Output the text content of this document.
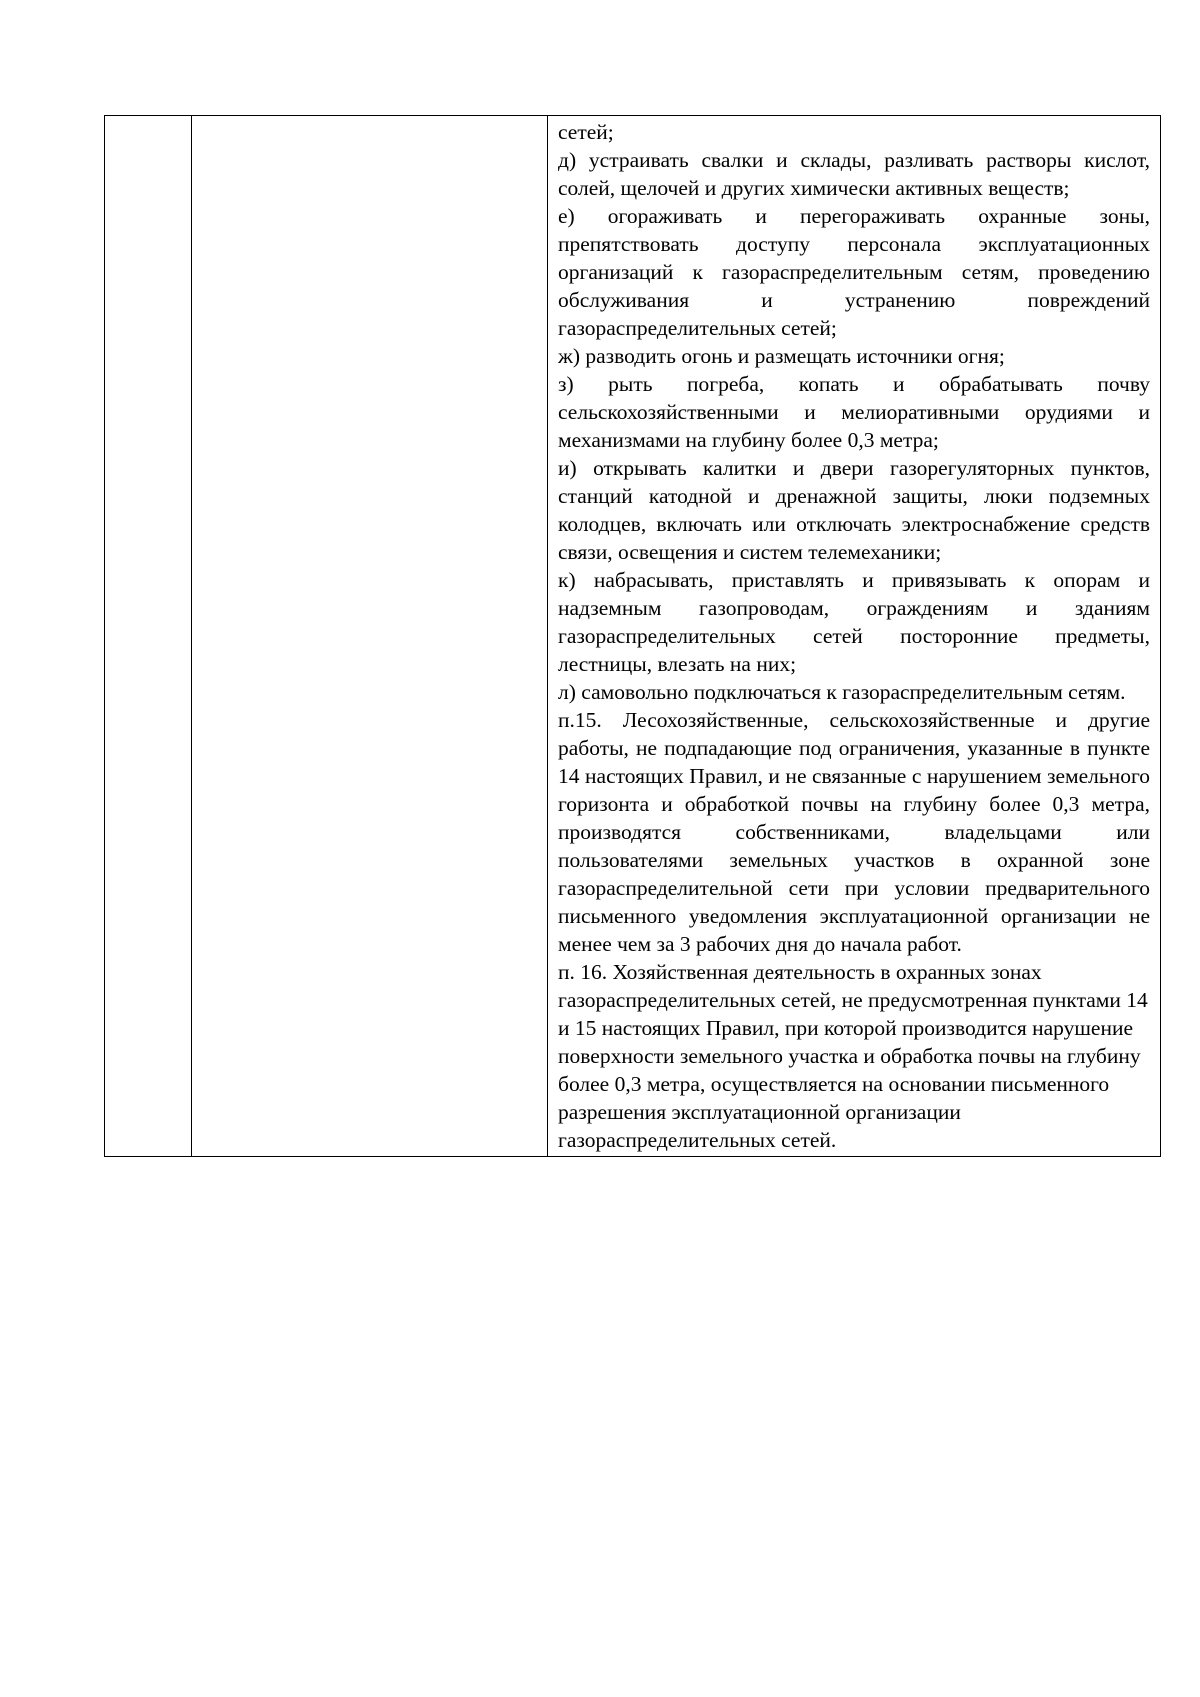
сетей;

д) устраивать свалки и склады, разливать растворы кислот, солей, щелочей и других химически активных веществ;

е) огораживать и перегораживать охранные зоны, препятствовать доступу персонала эксплуатационных организаций к газораспределительным сетям, проведению обслуживания и устранению повреждений газораспределительных сетей;

ж) разводить огонь и размещать источники огня;

з) рыть погреба, копать и обрабатывать почву сельскохозяйственными и мелиоративными орудиями и механизмами на глубину более 0,3 метра;

и) открывать калитки и двери газорегуляторных пунктов, станций катодной и дренажной защиты, люки подземных колодцев, включать или отключать электроснабжение средств связи, освещения и систем телемеханики;

к) набрасывать, приставлять и привязывать к опорам и надземным газопроводам, ограждениям и зданиям газораспределительных сетей посторонние предметы, лестницы, влезать на них;

л) самовольно подключаться к газораспределительным сетям.

п.15. Лесохозяйственные, сельскохозяйственные и другие работы, не подпадающие под ограничения, указанные в пункте 14 настоящих Правил, и не связанные с нарушением земельного горизонта и обработкой почвы на глубину более 0,3 метра, производятся собственниками, владельцами или пользователями земельных участков в охранной зоне газораспределительной сети при условии предварительного письменного уведомления эксплуатационной организации не менее чем за 3 рабочих дня до начала работ.

п. 16. Хозяйственная деятельность в охранных зонах газораспределительных сетей, не предусмотренная пунктами 14 и 15 настоящих Правил, при которой производится нарушение поверхности земельного участка и обработка почвы на глубину более 0,3 метра, осуществляется на основании письменного разрешения эксплуатационной организации газораспределительных сетей.
